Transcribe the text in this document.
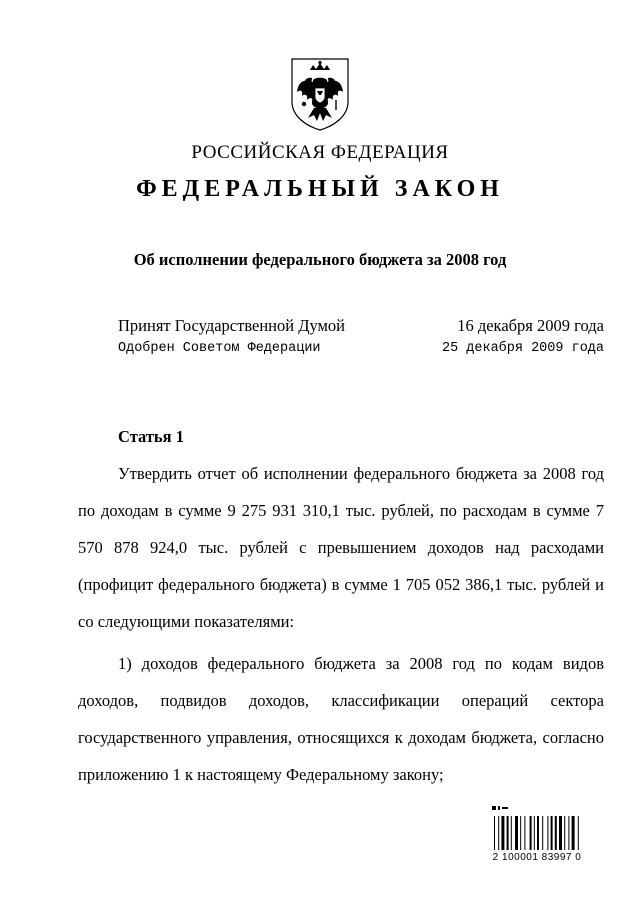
РОССИЙСКАЯ ФЕДЕРАЦИЯ
ФЕДЕРАЛЬНЫЙ ЗАКОН
Об исполнении федерального бюджета за 2008 год
Принят Государственной Думой	16 декабря 2009 года
Одобрен Советом Федерации	25 декабря 2009 года
Статья 1
Утвердить отчет об исполнении федерального бюджета за 2008 год по доходам в сумме 9 275 931 310,1 тыс. рублей, по расходам в сумме 7 570 878 924,0 тыс. рублей с превышением доходов над расходами (профицит федерального бюджета) в сумме 1 705 052 386,1 тыс. рублей и со следующими показателями:
1) доходов федерального бюджета за 2008 год по кодам видов доходов, подвидов доходов, классификации операций сектора государственного управления, относящихся к доходам бюджета, согласно приложению 1 к настоящему Федеральному закону;
2 100001 83997 0
